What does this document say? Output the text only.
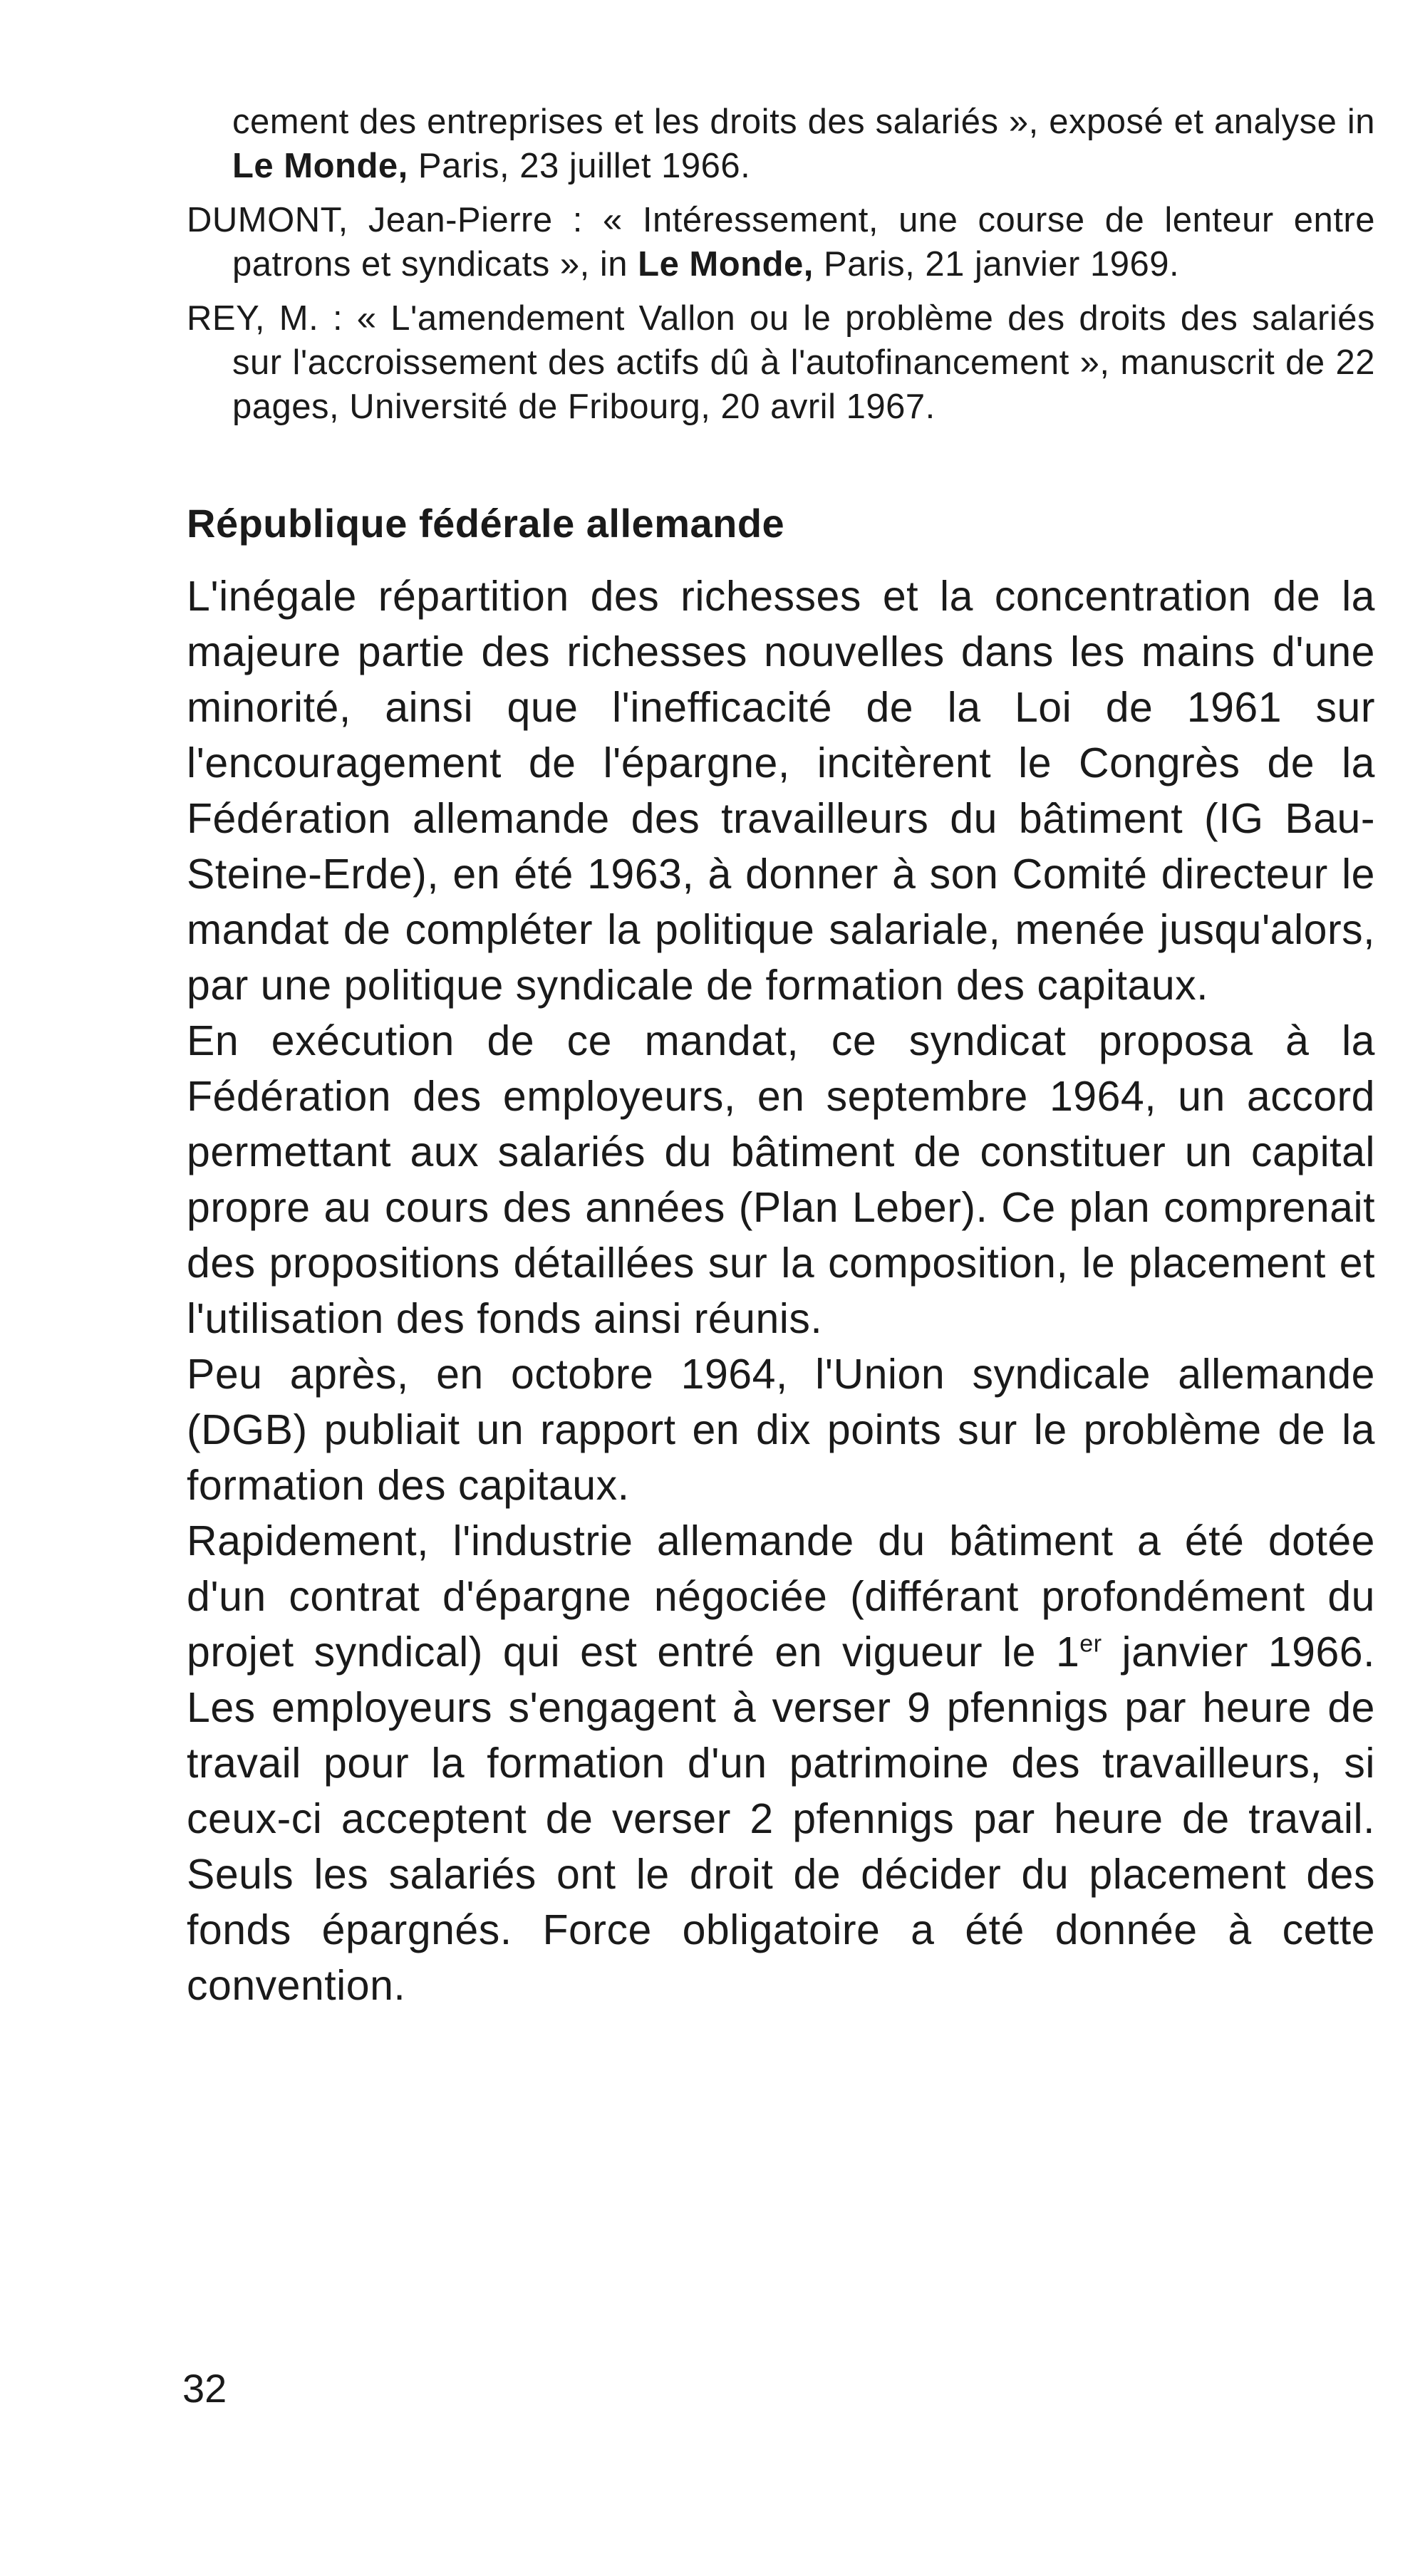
cement des entreprises et les droits des salariés », exposé et analyse in Le Monde, Paris, 23 juillet 1966.

DUMONT, Jean-Pierre : « Intéressement, une course de lenteur entre patrons et syndicats », in Le Monde, Paris, 21 janvier 1969.

REY, M. : « L'amendement Vallon ou le problème des droits des salariés sur l'accroissement des actifs dû à l'autofinancement », manuscrit de 22 pages, Université de Fribourg, 20 avril 1967.

République fédérale allemande

L'inégale répartition des richesses et la concentration de la majeure partie des richesses nouvelles dans les mains d'une minorité, ainsi que l'inefficacité de la Loi de 1961 sur l'encouragement de l'épargne, incitèrent le Congrès de la Fédération allemande des travailleurs du bâtiment (IG Bau-Steine-Erde), en été 1963, à donner à son Comité directeur le mandat de compléter la politique salariale, menée jusqu'alors, par une politique syndicale de formation des capitaux.

En exécution de ce mandat, ce syndicat proposa à la Fédération des employeurs, en septembre 1964, un accord permettant aux salariés du bâtiment de constituer un capital propre au cours des années (Plan Leber). Ce plan comprenait des propositions détaillées sur la composition, le placement et l'utilisation des fonds ainsi réunis.

Peu après, en octobre 1964, l'Union syndicale allemande (DGB) publiait un rapport en dix points sur le problème de la formation des capitaux.

Rapidement, l'industrie allemande du bâtiment a été dotée d'un contrat d'épargne négociée (différant profondément du projet syndical) qui est entré en vigueur le 1er janvier 1966. Les employeurs s'engagent à verser 9 pfennigs par heure de travail pour la formation d'un patrimoine des travailleurs, si ceux-ci acceptent de verser 2 pfennigs par heure de travail. Seuls les salariés ont le droit de décider du placement des fonds épargnés. Force obligatoire a été donnée à cette convention.

32
